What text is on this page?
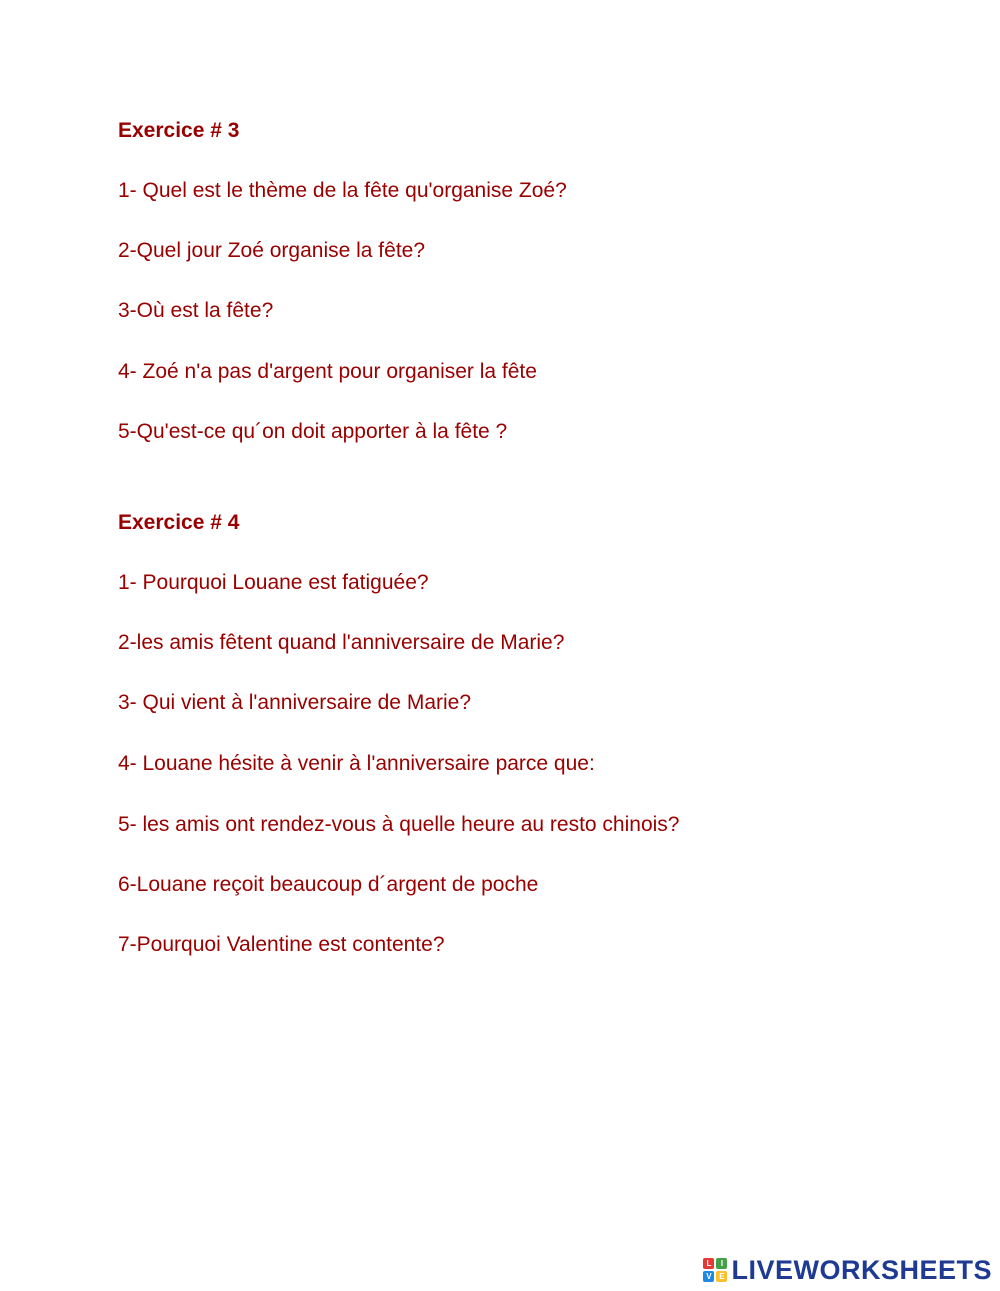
Exercice # 3

1- Quel est le thème de la fête qu'organise Zoé?

2-Quel jour Zoé organise la fête?

3-Où est la fête?

4- Zoé n'a pas d'argent pour organiser la fête

5-Qu'est-ce qu´on doit apporter à la fête ?

Exercice # 4

1- Pourquoi Louane est fatiguée?

2-les amis fêtent quand l'anniversaire de Marie?

3- Qui vient à l'anniversaire de Marie?

4- Louane hésite à venir à l'anniversaire parce que:

5- les amis ont rendez-vous à quelle heure au resto chinois?

6-Louane reçoit beaucoup d´argent de poche

7-Pourquoi Valentine est contente?

L	I
V E LIVEWORKSHEETS
